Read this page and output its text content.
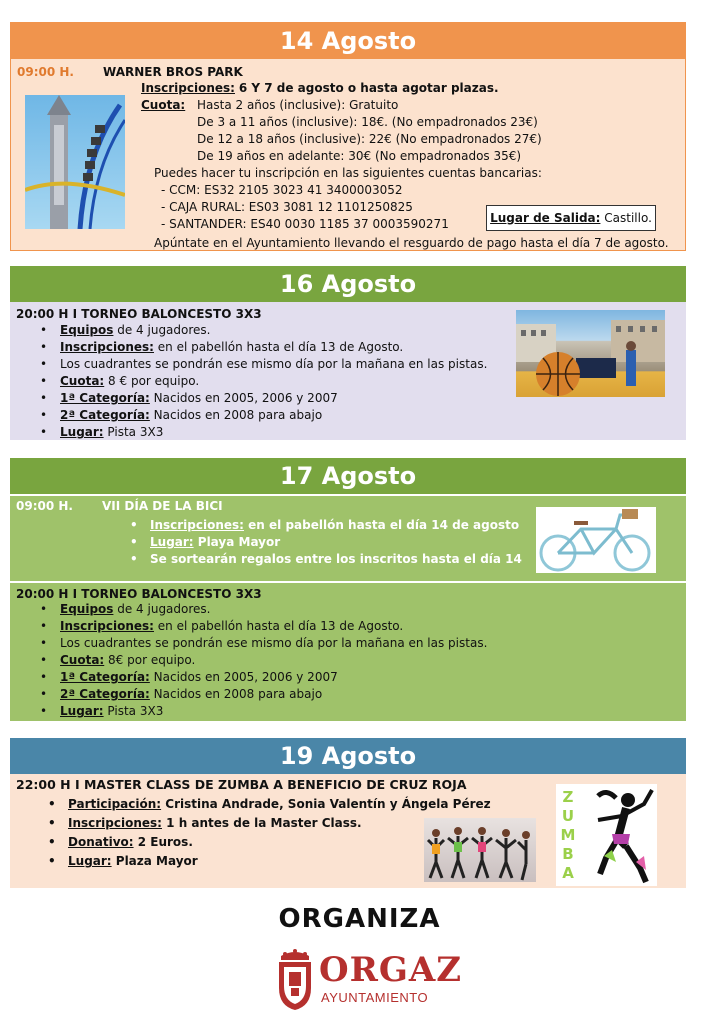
14 Agosto
09:00 H. WARNER BROS PARK
Inscripciones: 6 Y 7 de agosto o hasta agotar plazas.
Cuota: Hasta 2 años (inclusive): Gratuito
De 3 a 11 años (inclusive): 18€. (No empadronados 23€)
De 12 a 18 años (inclusive): 22€ (No empadronados 27€)
De 19 años en adelante: 30€ (No empadronados 35€)
Puedes hacer tu inscripción en las siguientes cuentas bancarias:
- CCM: ES32 2105 3023 41 3400003052
- CAJA RURAL: ES03 3081 12 1101250825
- SANTANDER: ES40 0030 1185 37 0003590271	Lugar de Salida: Castillo.
Apúntate en el Ayuntamiento llevando el resguardo de pago hasta el día 7 de agosto.
16 Agosto
20:00 H I TORNEO BALONCESTO 3X3
• Equipos de 4 jugadores.
• Inscripciones: en el pabellón hasta el día 13 de Agosto.
• Los cuadrantes se pondrán ese mismo día por la mañana en las pistas.
• Cuota: 8 € por equipo.
• 1ª Categoría: Nacidos en 2005, 2006 y 2007
• 2ª Categoría: Nacidos en 2008 para abajo
• Lugar: Pista 3X3
17 Agosto
09:00 H. VII DÍA DE LA BICI
• Inscripciones: en el pabellón hasta el día 14 de agosto
• Lugar: Playa Mayor
• Se sortearán regalos entre los inscritos hasta el día 14
20:00 H I TORNEO BALONCESTO 3X3
• Equipos de 4 jugadores.
• Inscripciones: en el pabellón hasta el día 13 de Agosto.
• Los cuadrantes se pondrán ese mismo día por la mañana en las pistas.
• Cuota: 8€ por equipo.
• 1ª Categoría: Nacidos en 2005, 2006 y 2007
• 2ª Categoría: Nacidos en 2008 para abajo
• Lugar: Pista 3X3
19 Agosto
22:00 H I MASTER CLASS DE ZUMBA A BENEFICIO DE CRUZ ROJA
• Participación: Cristina Andrade, Sonia Valentín y Ángela Pérez
• Inscripciones: 1 h antes de la Master Class.
• Donativo: 2 Euros.
• Lugar: Plaza Mayor
Z
U
M
B
A
ORGANIZA
ORGAZ
AYUNTAMIENTO
